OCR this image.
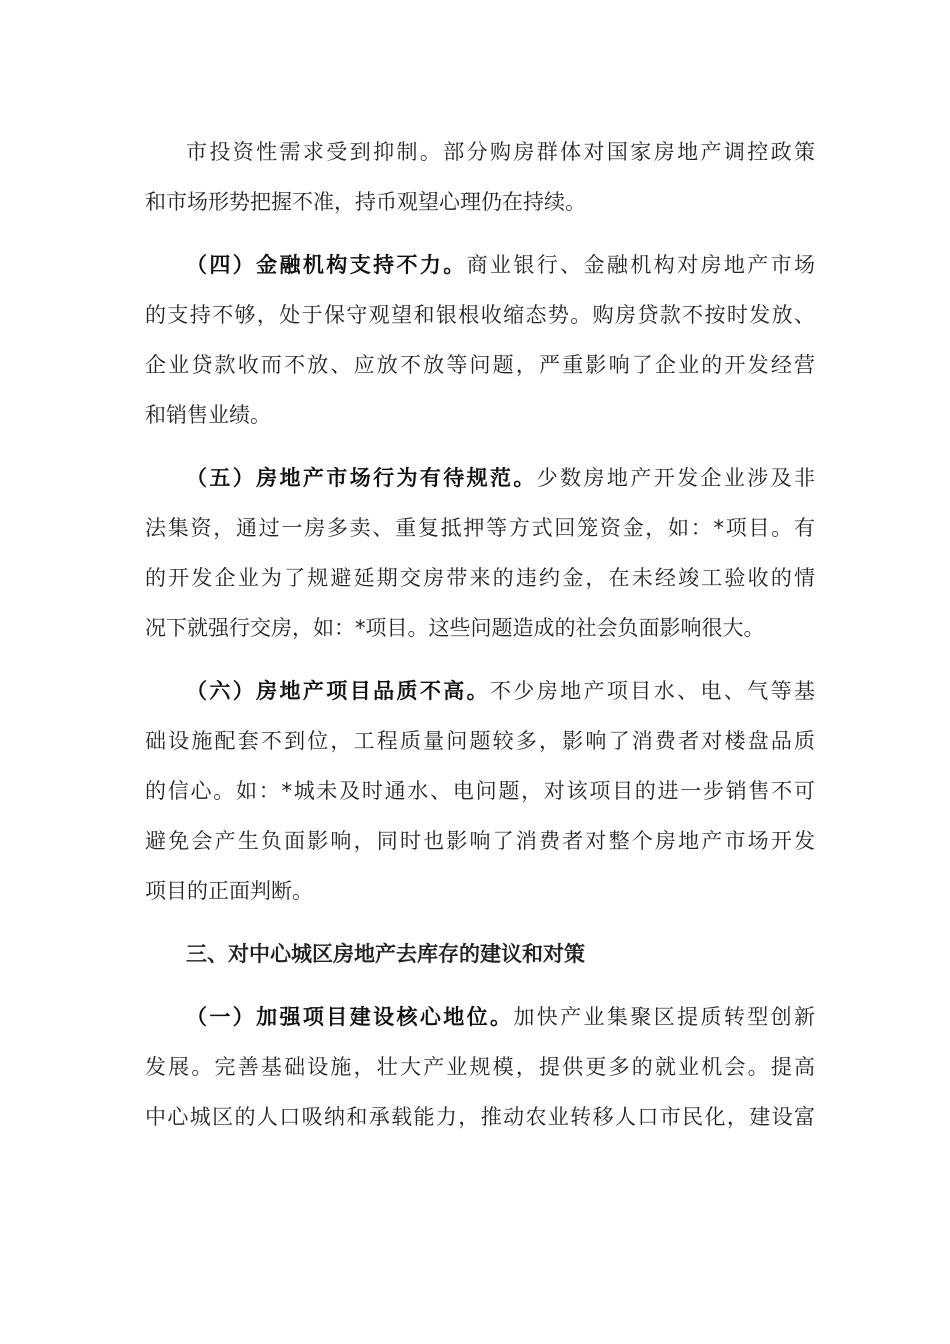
市投资性需求受到抑制。部分购房群体对国家房地产调控政策
和市场形势把握不准，持币观望心理仍在持续。
（四）金融机构支持不力。商业银行、金融机构对房地产市场
的支持不够，处于保守观望和银根收缩态势。购房贷款不按时发放、
企业贷款收而不放、应放不放等问题，严重影响了企业的开发经营
和销售业绩。
（五）房地产市场行为有待规范。少数房地产开发企业涉及非
法集资，通过一房多卖、重复抵押等方式回笼资金，如：*项目。有
的开发企业为了规避延期交房带来的违约金，在未经竣工验收的情
况下就强行交房，如：*项目。这些问题造成的社会负面影响很大。
（六）房地产项目品质不高。不少房地产项目水、电、气等基
础设施配套不到位，工程质量问题较多，影响了消费者对楼盘品质
的信心。如：*城未及时通水、电问题，对该项目的进一步销售不可
避免会产生负面影响，同时也影响了消费者对整个房地产市场开发
项目的正面判断。
三、对中心城区房地产去库存的建议和对策
（一）加强项目建设核心地位。加快产业集聚区提质转型创新
发展。完善基础设施，壮大产业规模，提供更多的就业机会。提高
中心城区的人口吸纳和承载能力，推动农业转移人口市民化，建设富
